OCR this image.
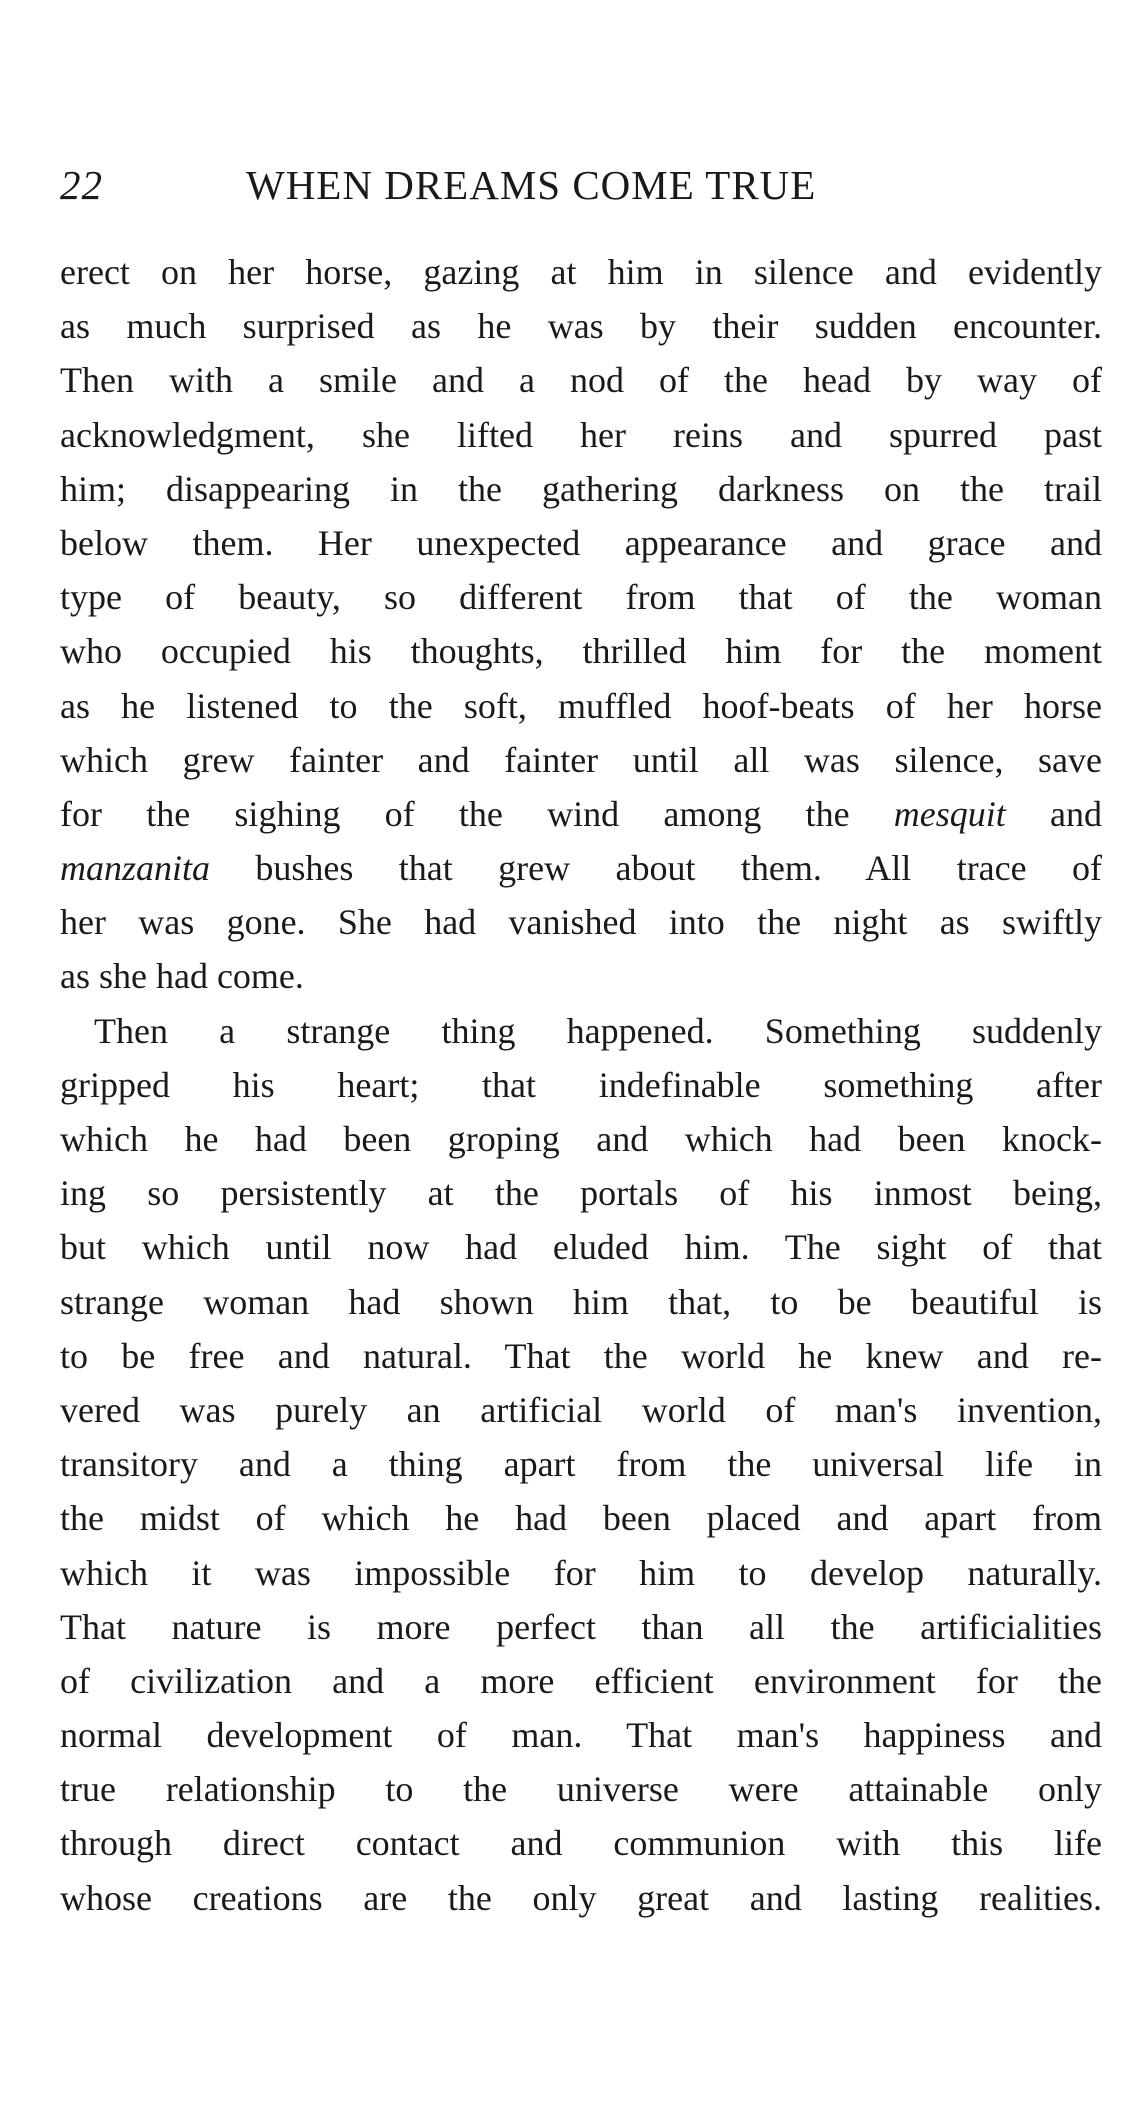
22	WHEN DREAMS COME TRUE
erect on her horse, gazing at him in silence and evidently
as much surprised as he was by their sudden encounter.
Then with a smile and a nod of the head by way of
acknowledgment, she lifted her reins and spurred past
him; disappearing in the gathering darkness on the trail
below them. Her unexpected appearance and grace and
type of beauty, so different from that of the woman
who occupied his thoughts, thrilled him for the moment
as he listened to the soft, muffled hoof-beats of her horse
which grew fainter and fainter until all was silence, save
for the sighing of the wind among the mesquit and
manzanita bushes that grew about them. All trace of
her was gone. She had vanished into the night as swiftly
as she had come.
Then a strange thing happened. Something suddenly
gripped his heart; that indefinable something after
which he had been groping and which had been knock-
ing so persistently at the portals of his inmost being,
but which until now had eluded him. The sight of that
strange woman had shown him that, to be beautiful is
to be free and natural. That the world he knew and re-
vered was purely an artificial world of man's invention,
transitory and a thing apart from the universal life in
the midst of which he had been placed and apart from
which it was impossible for him to develop naturally.
That nature is more perfect than all the artificialities
of civilization and a more efficient environment for the
normal development of man. That man's happiness and
true relationship to the universe were attainable only
through direct contact and communion with this life
whose creations are the only great and lasting realities.
